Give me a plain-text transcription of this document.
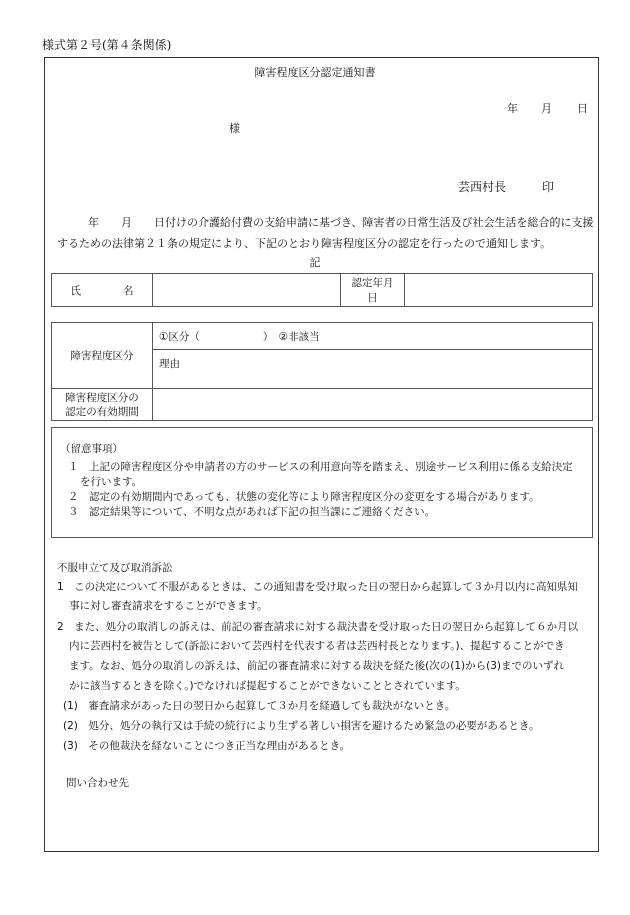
様式第２号(第４条関係)
障害程度区分認定通知書
年 月 日
様
芸西村長	印
年　　月　　日付けの介護給付費の支給申請に基づき、障害者の日常生活及び社会生活を総合的に支援
するための法律第２１条の規定により、下記のとおり障害程度区分の認定を行ったので通知します。
記
氏　　　　名		認定年月日	
障害程度区分	①区分（　　　　　　）　②非該当
	理由
障害程度区分の
認定の有効期間	
（留意事項）
１　上記の障害程度区分や申請者の方のサービスの利用意向等を踏まえ、別途サービス利用に係る支給決定
を行います。
２　認定の有効期間内であっても、状態の変化等により障害程度区分の変更をする場合があります。
３　認定結果等について、不明な点があれば下記の担当課にご連絡ください。
不服申立て及び取消訴訟
1　この決定について不服があるときは、この通知書を受け取った日の翌日から起算して３か月以内に高知県知
事に対し審査請求をすることができます。
2　また、処分の取消しの訴えは、前記の審査請求に対する裁決書を受け取った日の翌日から起算して６か月以
内に芸西村を被告として(訴訟において芸西村を代表する者は芸西村長となります。)、提起することができ
ます。なお、処分の取消しの訴えは、前記の審査請求に対する裁決を経た後(次の(1)から(3)までのいずれ
かに該当するときを除く。)でなければ提起することができないこととされています。
(1)　審査請求があった日の翌日から起算して３か月を経過しても裁決がないとき。
(2)　処分、処分の執行又は手続の続行により生ずる著しい損害を避けるため緊急の必要があるとき。
(3)　その他裁決を経ないことにつき正当な理由があるとき。
問い合わせ先
